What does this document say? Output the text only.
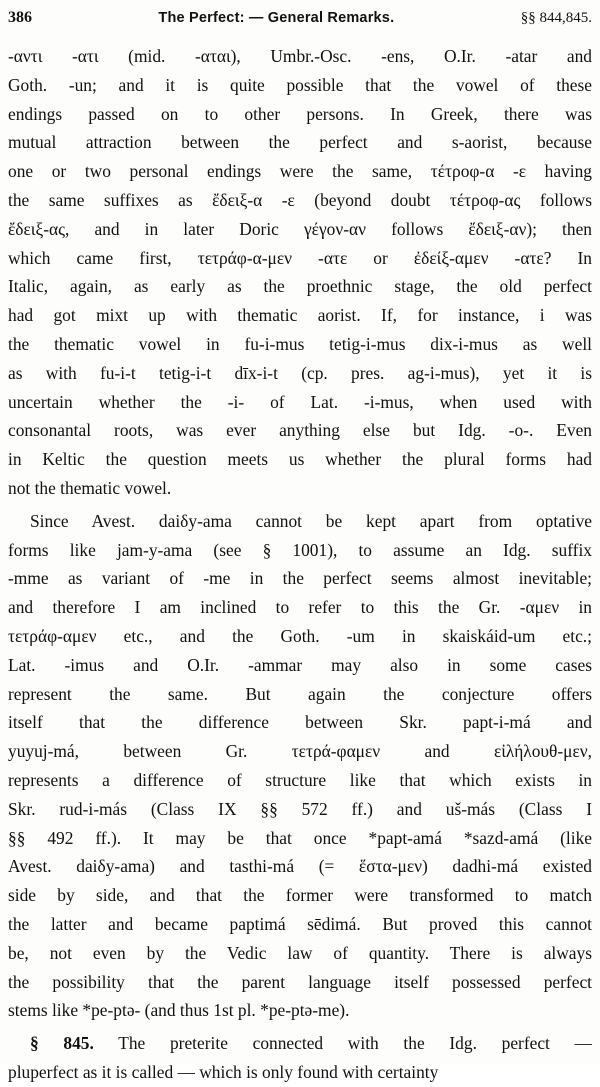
386	The Perfect: — General Remarks.	§§ 844,845.
-αντι -ατι (mid. -αται), Umbr.-Osc. -ens, O.Ir. -atar and
Goth. -un; and it is quite possible that the vowel of these
endings passed on to other persons. In Greek, there was
mutual attraction between the perfect and s-aorist, because
one or two personal endings were the same, τέτροφ-α -ε having
the same suffixes as ἔδειξ-α -ε (beyond doubt τέτροφ-ας follows
ἔδειξ-ας, and in later Doric γέγον-αν follows ἔδειξ-αν); then
which came first, τετράφ-α-μεν -ατε or ἐδείξ-αμεν -ατε? In
Italic, again, as early as the proethnic stage, the old perfect
had got mixt up with thematic aorist. If, for instance, i was
the thematic vowel in fu-i-mus tetig-i-mus dix-i-mus as well
as with fu-i-t tetig-i-t dīx-i-t (cp. pres. ag-i-mus), yet it is
uncertain whether the -i- of Lat. -i-mus, when used with
consonantal roots, was ever anything else but Idg. -o-. Even
in Keltic the question meets us whether the plural forms had
not the thematic vowel.
Since Avest. daiδy-ama cannot be kept apart from optative
forms like jam-y-ama (see § 1001), to assume an Idg. suffix
-mme as variant of -me in the perfect seems almost inevitable;
and therefore I am inclined to refer to this the Gr. -αμεν in
τετράφ-αμεν etc., and the Goth. -um in skaiskáid-um etc.;
Lat. -imus and O.Ir. -ammar may also in some cases
represent the same. But again the conjecture offers
itself that the difference between Skr. papt-i-má and
yuyuj-má, between Gr. τετρά-φαμεν and εἰλήλουθ-μεν,
represents a difference of structure like that which exists in
Skr. rud-i-más (Class IX §§ 572 ff.) and uš-más (Class I
§§ 492 ff.). It may be that once *papt-amá *sazd-amá (like
Avest. daiδy-ama) and tasthi-má (= ἕστα-μεν) dadhi-má existed
side by side, and that the former were transformed to match
the latter and became paptimá sēdimá. But proved this cannot
be, not even by the Vedic law of quantity. There is always
the possibility that the parent language itself possessed perfect
stems like *pe-ptə- (and thus 1st pl. *pe-ptə-me).
§ 845. The preterite connected with the Idg. perfect —
pluperfect as it is called — which is only found with certainty
